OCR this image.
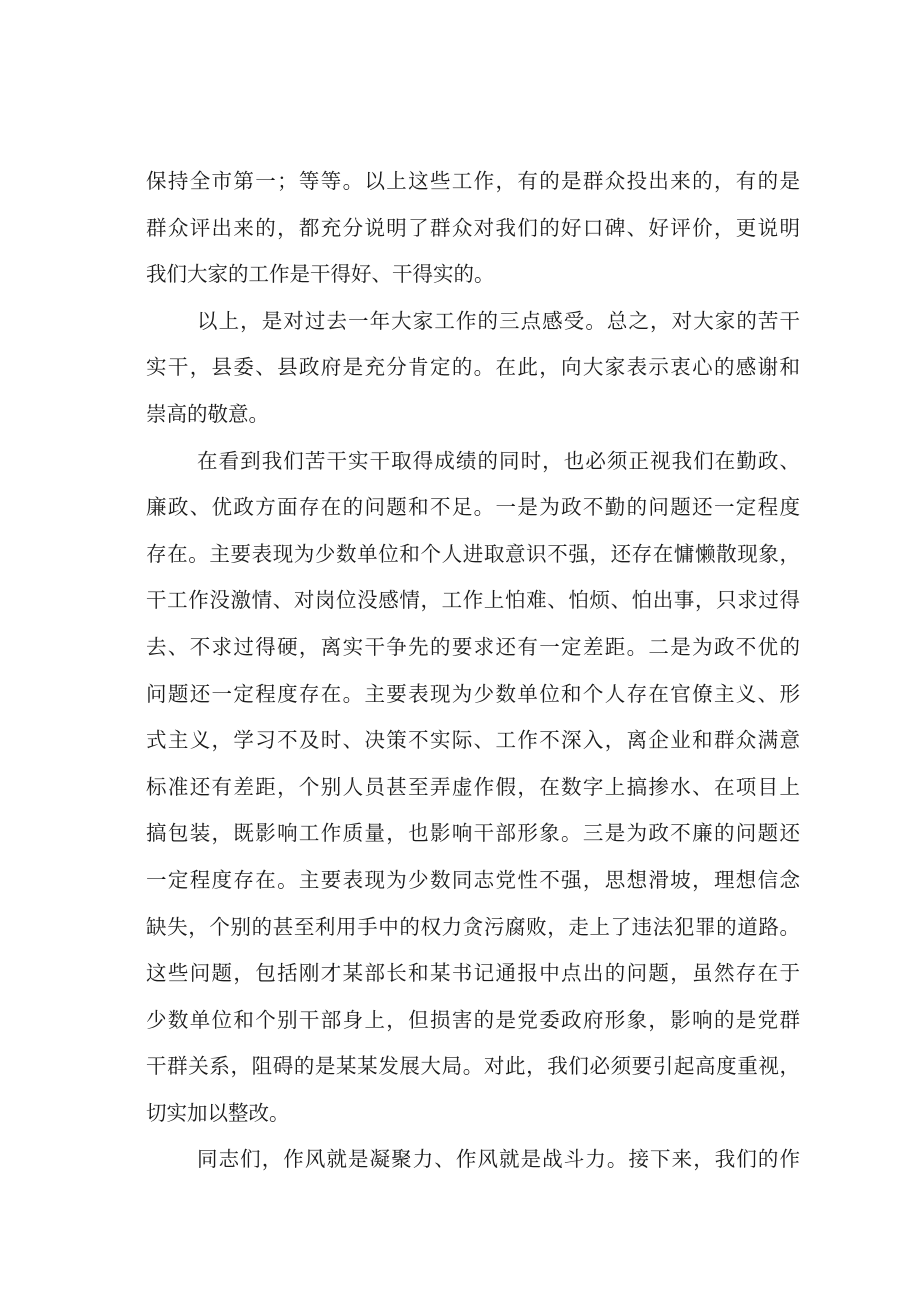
保持全市第一；等等。以上这些工作，有的是群众投出来的，有的是
群众评出来的，都充分说明了群众对我们的好口碑、好评价，更说明
我们大家的工作是干得好、干得实的。
以上，是对过去一年大家工作的三点感受。总之，对大家的苦干
实干，县委、县政府是充分肯定的。在此，向大家表示衷心的感谢和
崇高的敬意。
在看到我们苦干实干取得成绩的同时，也必须正视我们在勤政、
廉政、优政方面存在的问题和不足。一是为政不勤的问题还一定程度
存在。主要表现为少数单位和个人进取意识不强，还存在慵懒散现象，
干工作没激情、对岗位没感情，工作上怕难、怕烦、怕出事，只求过得
去、不求过得硬，离实干争先的要求还有一定差距。二是为政不优的
问题还一定程度存在。主要表现为少数单位和个人存在官僚主义、形
式主义，学习不及时、决策不实际、工作不深入，离企业和群众满意
标准还有差距，个别人员甚至弄虚作假，在数字上搞掺水、在项目上
搞包装，既影响工作质量，也影响干部形象。三是为政不廉的问题还
一定程度存在。主要表现为少数同志党性不强，思想滑坡，理想信念
缺失，个别的甚至利用手中的权力贪污腐败，走上了违法犯罪的道路。
这些问题，包括刚才某部长和某书记通报中点出的问题，虽然存在于
少数单位和个别干部身上，但损害的是党委政府形象，影响的是党群
干群关系，阻碍的是某某发展大局。对此，我们必须要引起高度重视，
切实加以整改。
同志们，作风就是凝聚力、作风就是战斗力。接下来，我们的作
